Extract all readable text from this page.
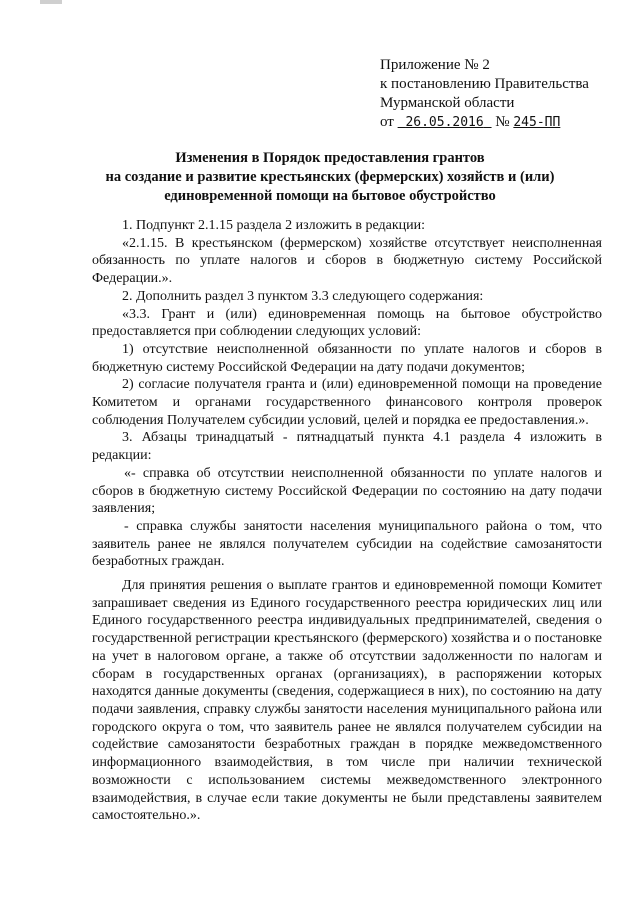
Приложение № 2
к постановлению Правительства
Мурманской области
от 26.05.2016 № 245-ПП
Изменения в Порядок предоставления грантов
на создание и развитие крестьянских (фермерских) хозяйств и (или)
единовременной помощи на бытовое обустройство

1. Подпункт 2.1.15 раздела 2 изложить в редакции:

«2.1.15. В крестьянском (фермерском) хозяйстве отсутствует неисполненная обязанность по уплате налогов и сборов в бюджетную систему Российской Федерации.».

2. Дополнить раздел 3 пунктом 3.3 следующего содержания:

«3.3. Грант и (или) единовременная помощь на бытовое обустройство предоставляется при соблюдении следующих условий:

1) отсутствие неисполненной обязанности по уплате налогов и сборов в бюджетную систему Российской Федерации на дату подачи документов;

2) согласие получателя гранта и (или) единовременной помощи на проведение Комитетом и органами государственного финансового контроля проверок соблюдения Получателем субсидии условий, целей и порядка ее предоставления.».

3. Абзацы тринадцатый - пятнадцатый пункта 4.1 раздела 4 изложить в редакции:

«- справка об отсутствии неисполненной обязанности по уплате налогов и сборов в бюджетную систему Российской Федерации по состоянию на дату подачи заявления;

- справка службы занятости населения муниципального района о том, что заявитель ранее не являлся получателем субсидии на содействие самозанятости безработных граждан.

Для принятия решения о выплате грантов и единовременной помощи Комитет запрашивает сведения из Единого государственного реестра юридических лиц или Единого государственного реестра индивидуальных предпринимателей, сведения о государственной регистрации крестьянского (фермерского) хозяйства и о постановке на учет в налоговом органе, а также об отсутствии задолженности по налогам и сборам в государственных органах (организациях), в распоряжении которых находятся данные документы (сведения, содержащиеся в них), по состоянию на дату подачи заявления, справку службы занятости населения муниципального района или городского округа о том, что заявитель ранее не являлся получателем субсидии на содействие самозанятости безработных граждан в порядке межведомственного информационного взаимодействия, в том числе при наличии технической возможности с использованием системы межведомственного электронного взаимодействия, в случае если такие документы не были представлены заявителем самостоятельно.».
